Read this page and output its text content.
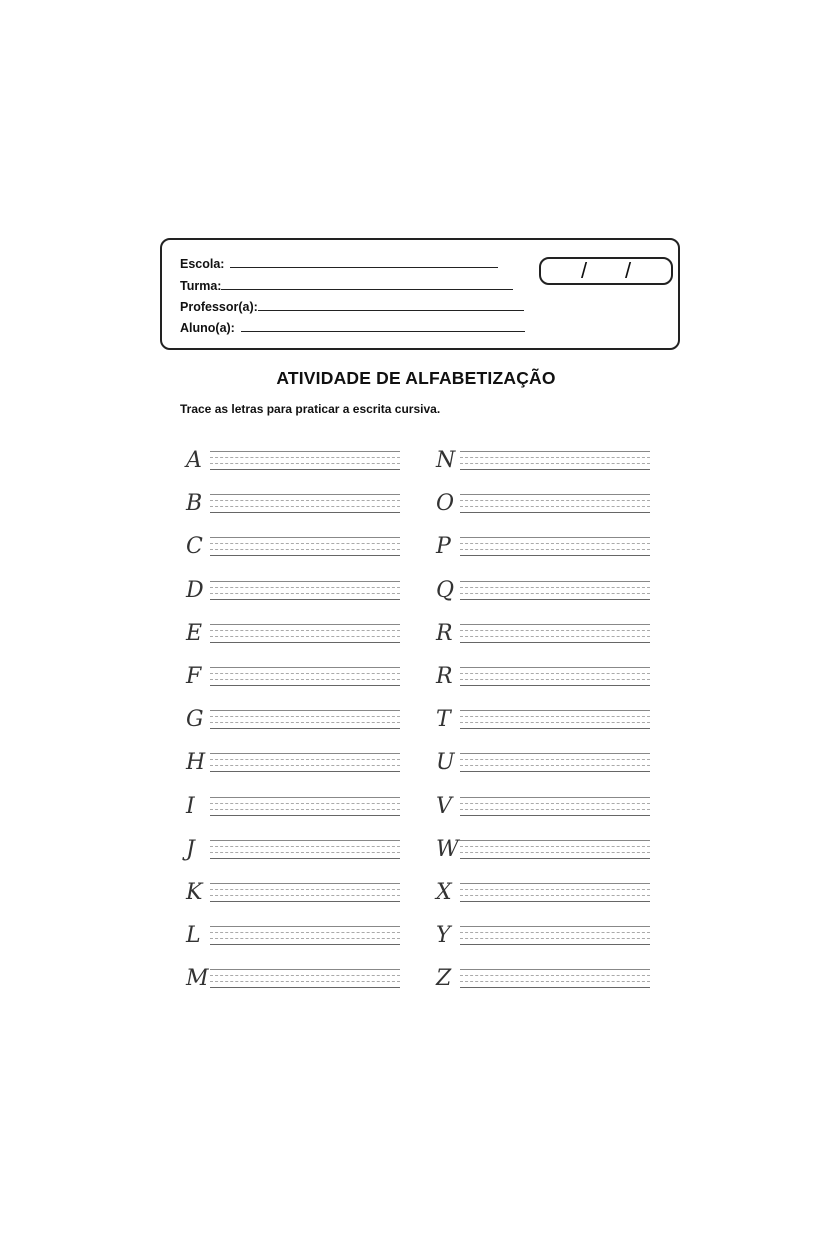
Escola:
Turma:
Professor(a):
Aluno(a):
/ /
ATIVIDADE DE ALFABETIZAÇÃO
Trace as letras para praticar a escrita cursiva.
A
B
C
D
E
F
G
H
I
J
K
L
M
N
O
P
Q
R
R
T
U
V
W
X
Y
Z
